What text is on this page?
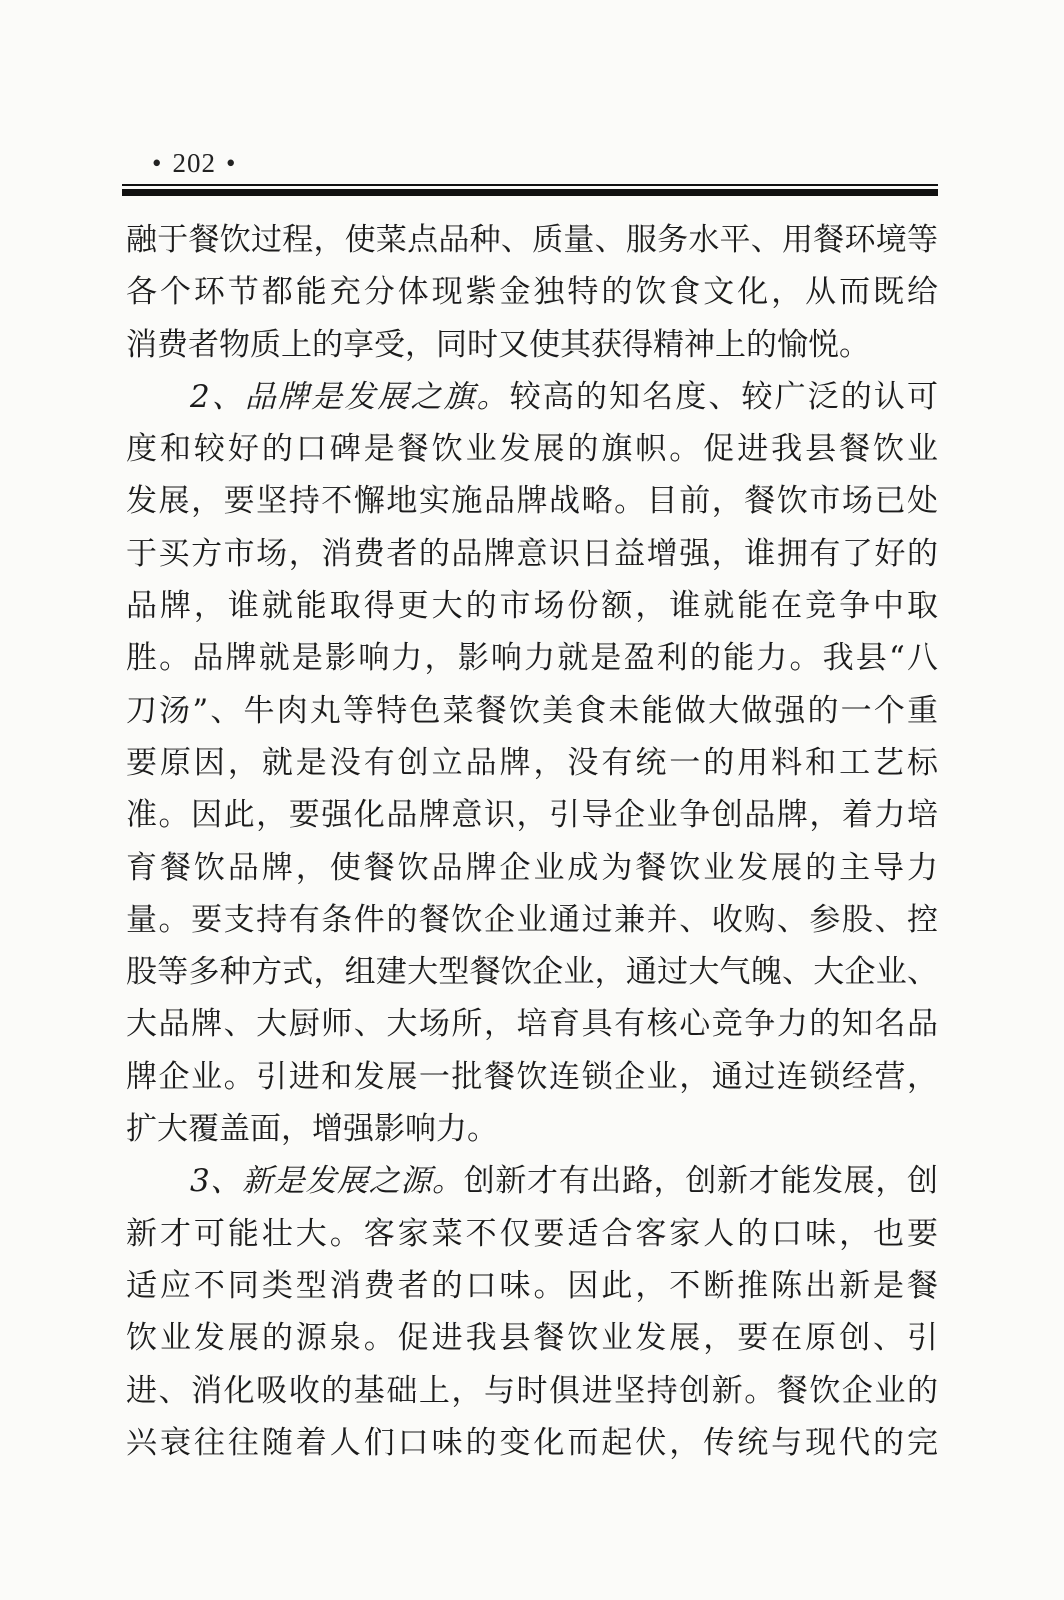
• 202 •
融于餐饮过程，使菜点品种、质量、服务水平、用餐环境等
各个环节都能充分体现紫金独特的饮食文化，从而既给
消费者物质上的享受，同时又使其获得精神上的愉悦。
2、品牌是发展之旗。较高的知名度、较广泛的认可
度和较好的口碑是餐饮业发展的旗帜。促进我县餐饮业
发展，要坚持不懈地实施品牌战略。目前，餐饮市场已处
于买方市场，消费者的品牌意识日益增强，谁拥有了好的
品牌，谁就能取得更大的市场份额，谁就能在竞争中取
胜。品牌就是影响力，影响力就是盈利的能力。我县“八
刀汤”、牛肉丸等特色菜餐饮美食未能做大做强的一个重
要原因，就是没有创立品牌，没有统一的用料和工艺标
准。因此，要强化品牌意识，引导企业争创品牌，着力培
育餐饮品牌，使餐饮品牌企业成为餐饮业发展的主导力
量。要支持有条件的餐饮企业通过兼并、收购、参股、控
股等多种方式，组建大型餐饮企业，通过大气魄、大企业、
大品牌、大厨师、大场所，培育具有核心竞争力的知名品
牌企业。引进和发展一批餐饮连锁企业，通过连锁经营，
扩大覆盖面，增强影响力。
3、新是发展之源。创新才有出路，创新才能发展，创
新才可能壮大。客家菜不仅要适合客家人的口味，也要
适应不同类型消费者的口味。因此，不断推陈出新是餐
饮业发展的源泉。促进我县餐饮业发展，要在原创、引
进、消化吸收的基础上，与时俱进坚持创新。餐饮企业的
兴衰往往随着人们口味的变化而起伏，传统与现代的完
